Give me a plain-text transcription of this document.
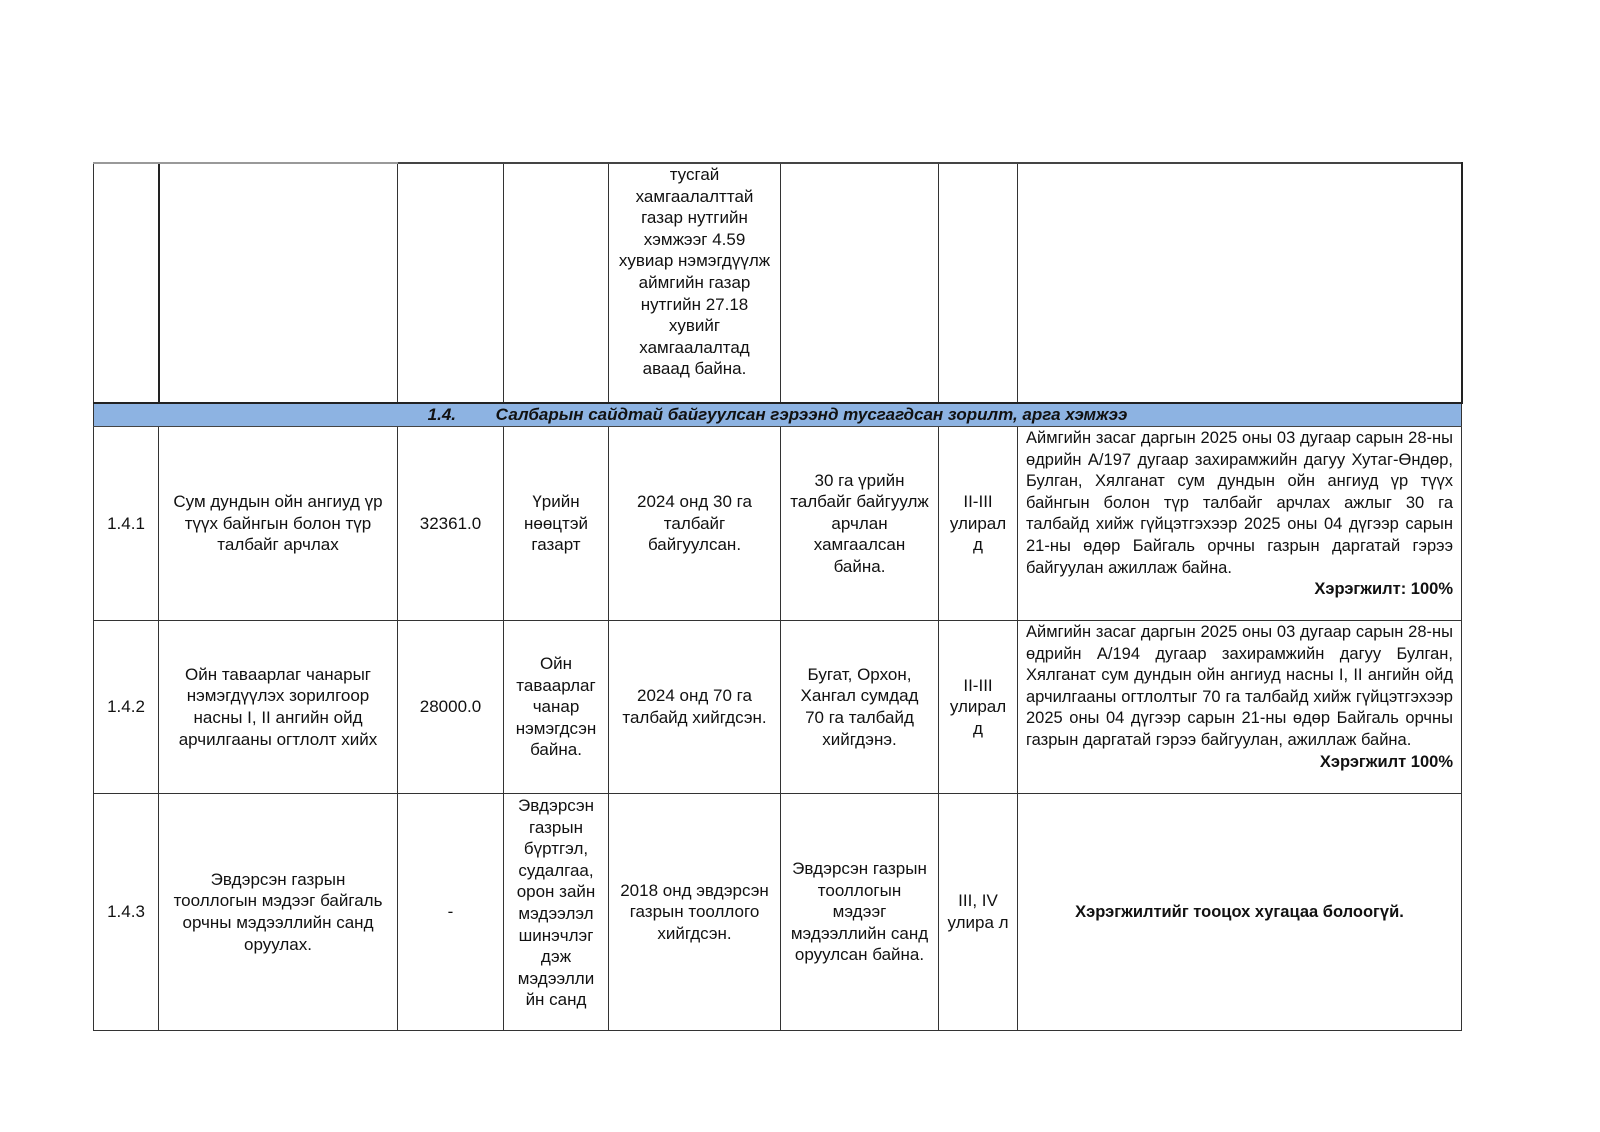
				тусгай хамгаалалттай газар нутгийн хэмжээг 4.59 хувиар нэмэгдүүлж аймгийн газар нутгийн 27.18 хувийг хамгаалалтад аваад байна.			
1.4. Салбарын сайдтай байгуулсан гэрээнд тусгагдсан зорилт, арга хэмжээ							
1.4.1	Сум дундын ойн ангиуд үр түүх байнгын болон түр талбайг арчлах	32361.0	Үрийн нөөцтэй газарт	2024 онд 30 га талбайг байгуулсан.	30 га үрийн талбайг байгуулж арчлан хамгаалсан байна.	II-III улирал д	Аймгийн засаг даргын 2025 оны 03 дугаар сарын 28-ны өдрийн А/197 дугаар захирамжийн дагуу Хутаг-Өндөр, Булган, Хялганат сум дундын ойн ангиуд үр түүх байнгын болон түр талбайг арчлах ажлыг 30 га талбайд хийж гүйцэтгэхээр 2025 оны 04 дүгээр сарын 21-ны өдөр Байгаль орчны газрын даргатай гэрээ байгуулан ажиллаж байна.
Хэрэгжилт: 100%

1.4.2	Ойн тавaарлаг чанарыг нэмэгдүүлэх зорилгоор насны I, II ангийн ойд арчилгааны огтлолт хийх	28000.0	Ойн тавaарлаг чанар нэмэгдсэн байна.	2024 онд 70 га талбайд хийгдсэн.	Бугат, Орхон, Хангал сумдад 70 га талбайд хийгдэнэ.	II-III улирал д	Аймгийн засаг даргын 2025 оны 03 дугаар сарын 28-ны өдрийн А/194 дугаар захирамжийн дагуу Булган, Хялганат сум дундын ойн ангиуд насны I, II ангийн ойд арчилгааны огтлолтыг 70 га талбайд хийж гүйцэтгэхээр 2025 оны 04 дүгээр сарын 21-ны өдөр Байгаль орчны газрын даргатай гэрээ байгуулан, ажиллаж байна.
Хэрэгжилт 100%

1.4.3	Эвдэрсэн газрын тооллогын мэдээг байгаль орчны мэдээллийн санд оруулах.	-	Эвдэрсэн газрын бүртгэл, судалгаа, орон зайн мэдээлэл шинэчлэг дэж мэдээлли йн санд	2018 онд эвдэрсэн газрын тооллого хийгдсэн.	Эвдэрсэн газрын тооллогын мэдээг мэдээллийн санд оруулсан байна.	III, IV улира л	Хэрэгжилтийг тооцох хугацаа болоогүй.
